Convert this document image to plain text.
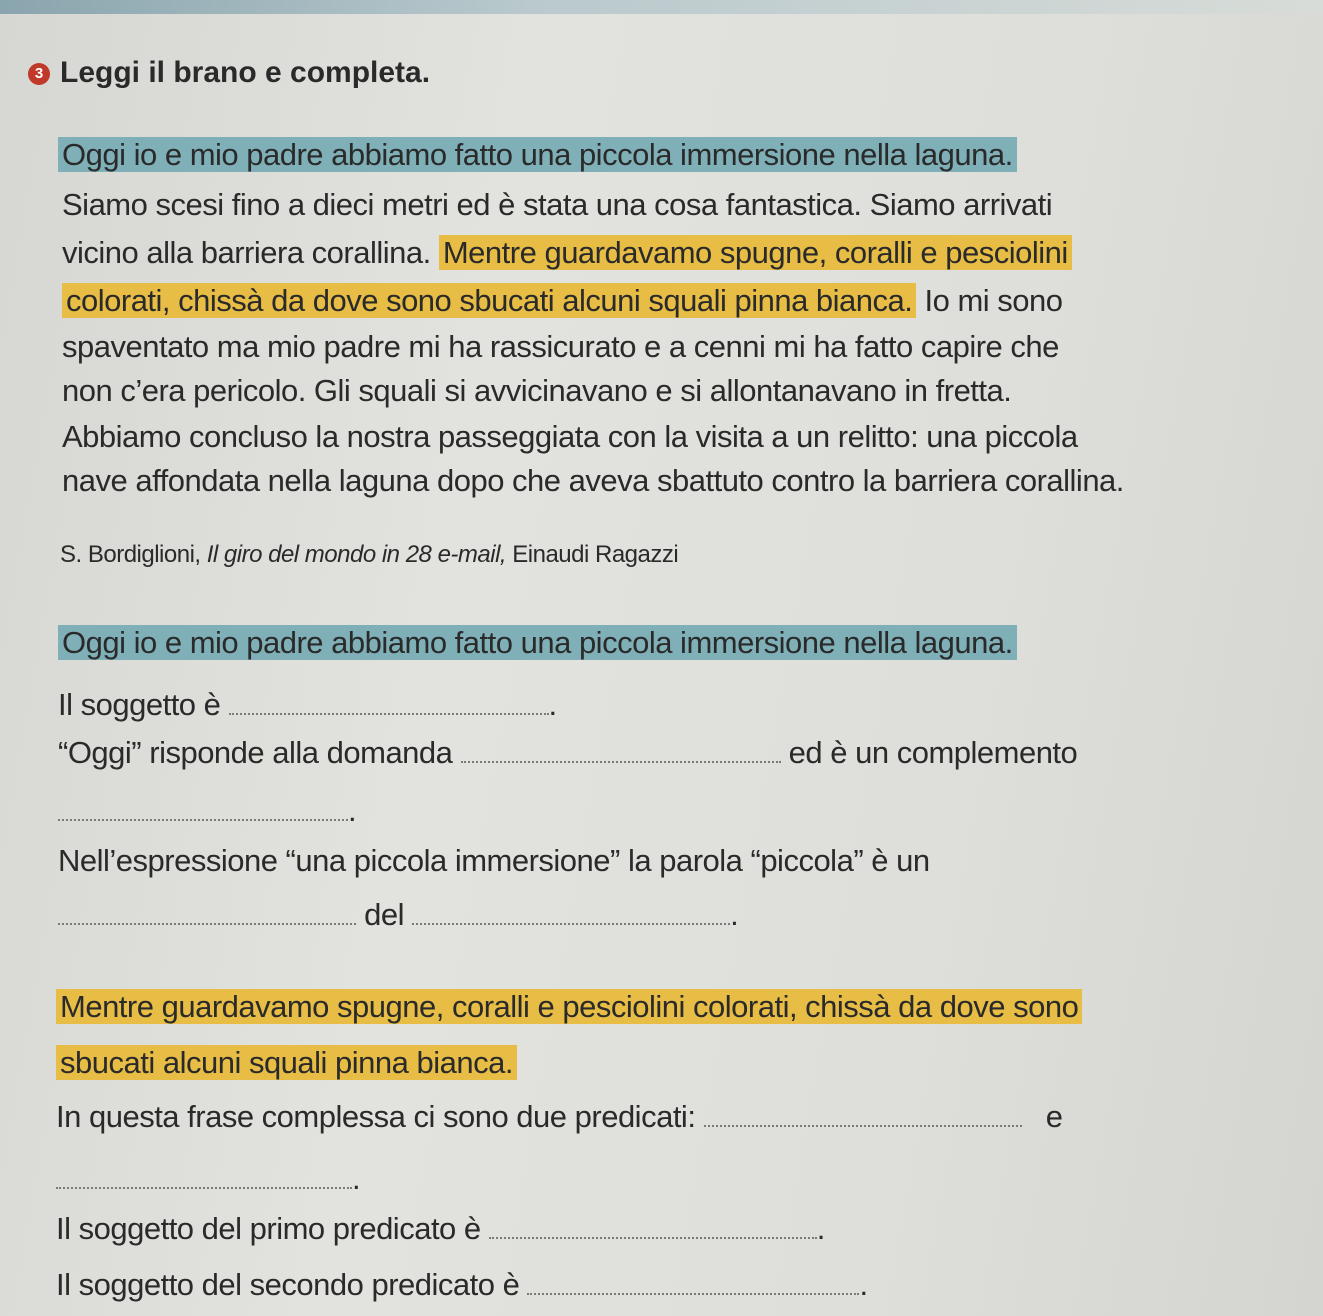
3 Leggi il brano e completa.
Oggi io e mio padre abbiamo fatto una piccola immersione nella laguna.
Siamo scesi fino a dieci metri ed è stata una cosa fantastica. Siamo arrivati
vicino alla barriera corallina. Mentre guardavamo spugne, coralli e pesciolini
colorati, chissà da dove sono sbucati alcuni squali pinna bianca. Io mi sono
spaventato ma mio padre mi ha rassicurato e a cenni mi ha fatto capire che
non c’era pericolo. Gli squali si avvicinavano e si allontanavano in fretta.
Abbiamo concluso la nostra passeggiata con la visita a un relitto: una piccola
nave affondata nella laguna dopo che aveva sbattuto contro la barriera corallina.
S. Bordiglioni, Il giro del mondo in 28 e-mail, Einaudi Ragazzi
Oggi io e mio padre abbiamo fatto una piccola immersione nella laguna.
Il soggetto è	.
“Oggi” risponde alla domanda	ed è un complemento
.
Nell’espressione “una piccola immersione” la parola “piccola” è un
del	.
Mentre guardavamo spugne, coralli e pesciolini colorati, chissà da dove sono
sbucati alcuni squali pinna bianca.
In questa frase complessa ci sono due predicati:	e
.
Il soggetto del primo predicato è	.
Il soggetto del secondo predicato è	.
